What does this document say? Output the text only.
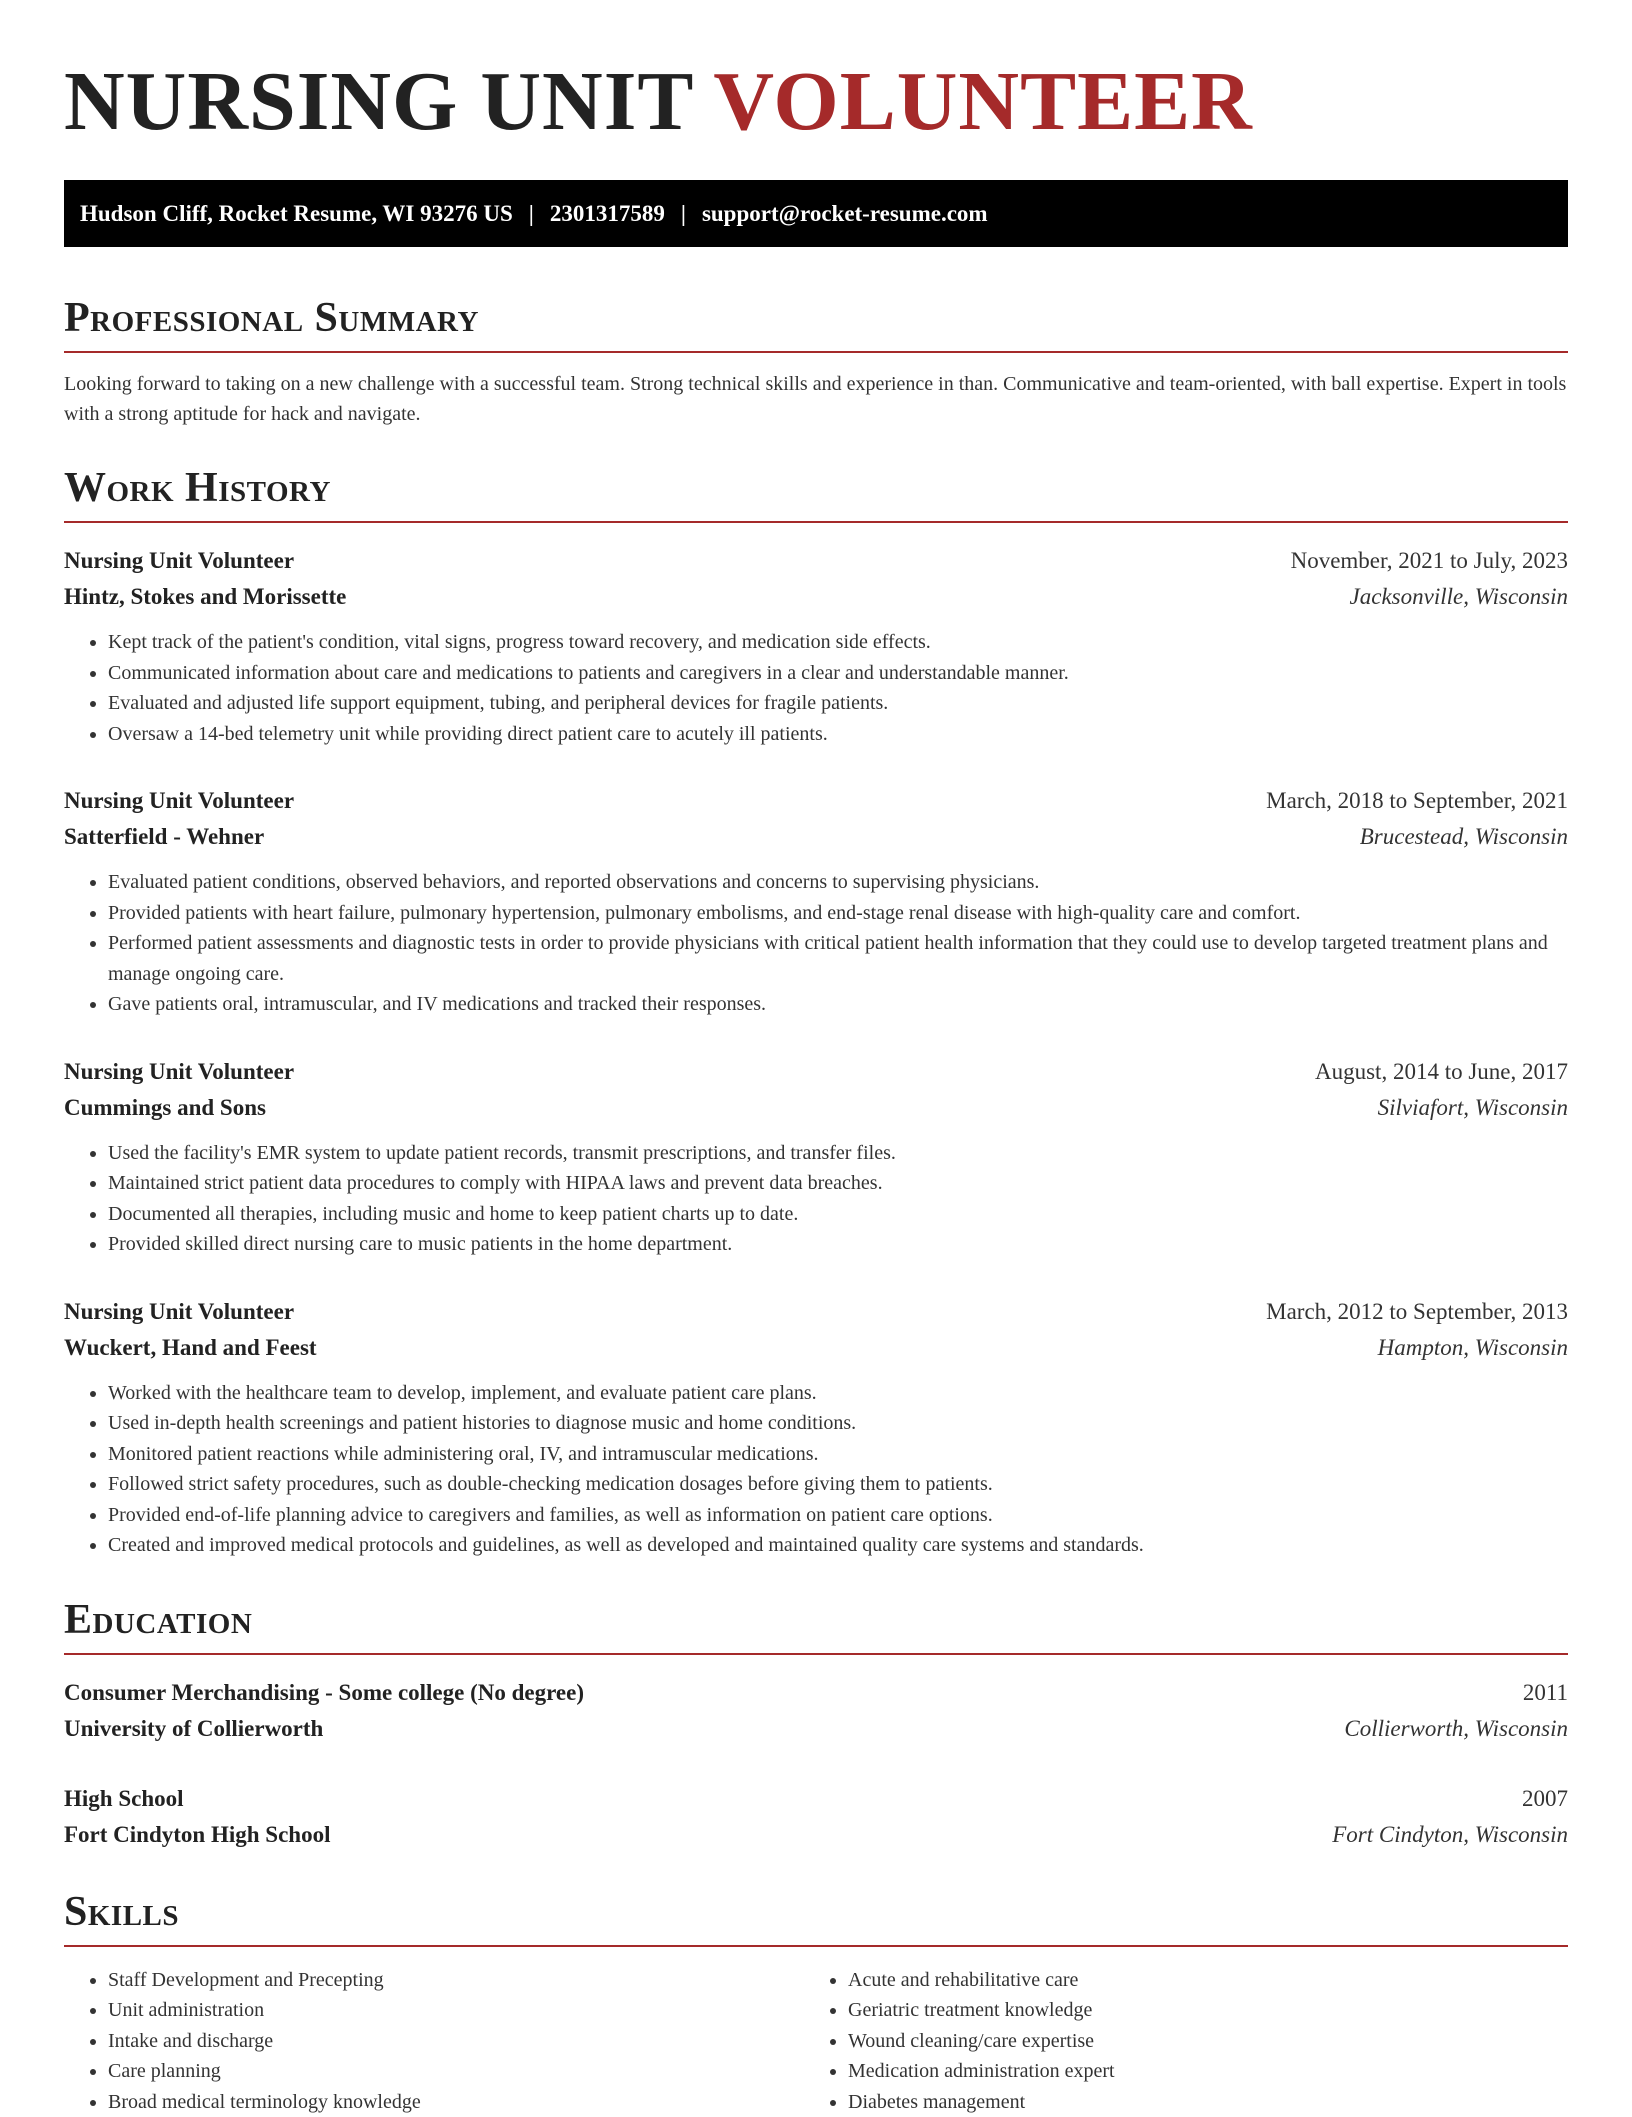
NURSING UNIT VOLUNTEER
Hudson Cliff, Rocket Resume, WI 93276 US | 2301317589 | support@rocket-resume.com
Professional Summary

Looking forward to taking on a new challenge with a successful team. Strong technical skills and experience in than. Communicative and team-oriented, with ball expertise. Expert in tools with a strong aptitude for hack and navigate.

Work History
Nursing Unit Volunteer	November, 2021 to July, 2023
Hintz, Stokes and Morissette	Jacksonville, Wisconsin
• Kept track of the patient's condition, vital signs, progress toward recovery, and medication side effects.
• Communicated information about care and medications to patients and caregivers in a clear and understandable manner.
• Evaluated and adjusted life support equipment, tubing, and peripheral devices for fragile patients.
• Oversaw a 14-bed telemetry unit while providing direct patient care to acutely ill patients.
Nursing Unit Volunteer	March, 2018 to September, 2021
Satterfield - Wehner	Brucestead, Wisconsin
• Evaluated patient conditions, observed behaviors, and reported observations and concerns to supervising physicians.
• Provided patients with heart failure, pulmonary hypertension, pulmonary embolisms, and end-stage renal disease with high-quality care and comfort.
• Performed patient assessments and diagnostic tests in order to provide physicians with critical patient health information that they could use to develop targeted treatment plans and manage ongoing care.
• Gave patients oral, intramuscular, and IV medications and tracked their responses.
Nursing Unit Volunteer	August, 2014 to June, 2017
Cummings and Sons	Silviafort, Wisconsin
• Used the facility's EMR system to update patient records, transmit prescriptions, and transfer files.
• Maintained strict patient data procedures to comply with HIPAA laws and prevent data breaches.
• Documented all therapies, including music and home to keep patient charts up to date.
• Provided skilled direct nursing care to music patients in the home department.
Nursing Unit Volunteer	March, 2012 to September, 2013
Wuckert, Hand and Feest	Hampton, Wisconsin
• Worked with the healthcare team to develop, implement, and evaluate patient care plans.
• Used in-depth health screenings and patient histories to diagnose music and home conditions.
• Monitored patient reactions while administering oral, IV, and intramuscular medications.
• Followed strict safety procedures, such as double-checking medication dosages before giving them to patients.
• Provided end-of-life planning advice to caregivers and families, as well as information on patient care options.
• Created and improved medical protocols and guidelines, as well as developed and maintained quality care systems and standards.
Education
Consumer Merchandising - Some college (No degree)	2011
University of Collierworth	Collierworth, Wisconsin
High School	2007
Fort Cindyton High School	Fort Cindyton, Wisconsin
Skills
• Staff Development and Precepting
• Unit administration
• Intake and discharge
• Care planning
• Broad medical terminology knowledge
• Acute and rehabilitative care
• Geriatric treatment knowledge
• Wound cleaning/care expertise
• Medication administration expert
• Diabetes management
